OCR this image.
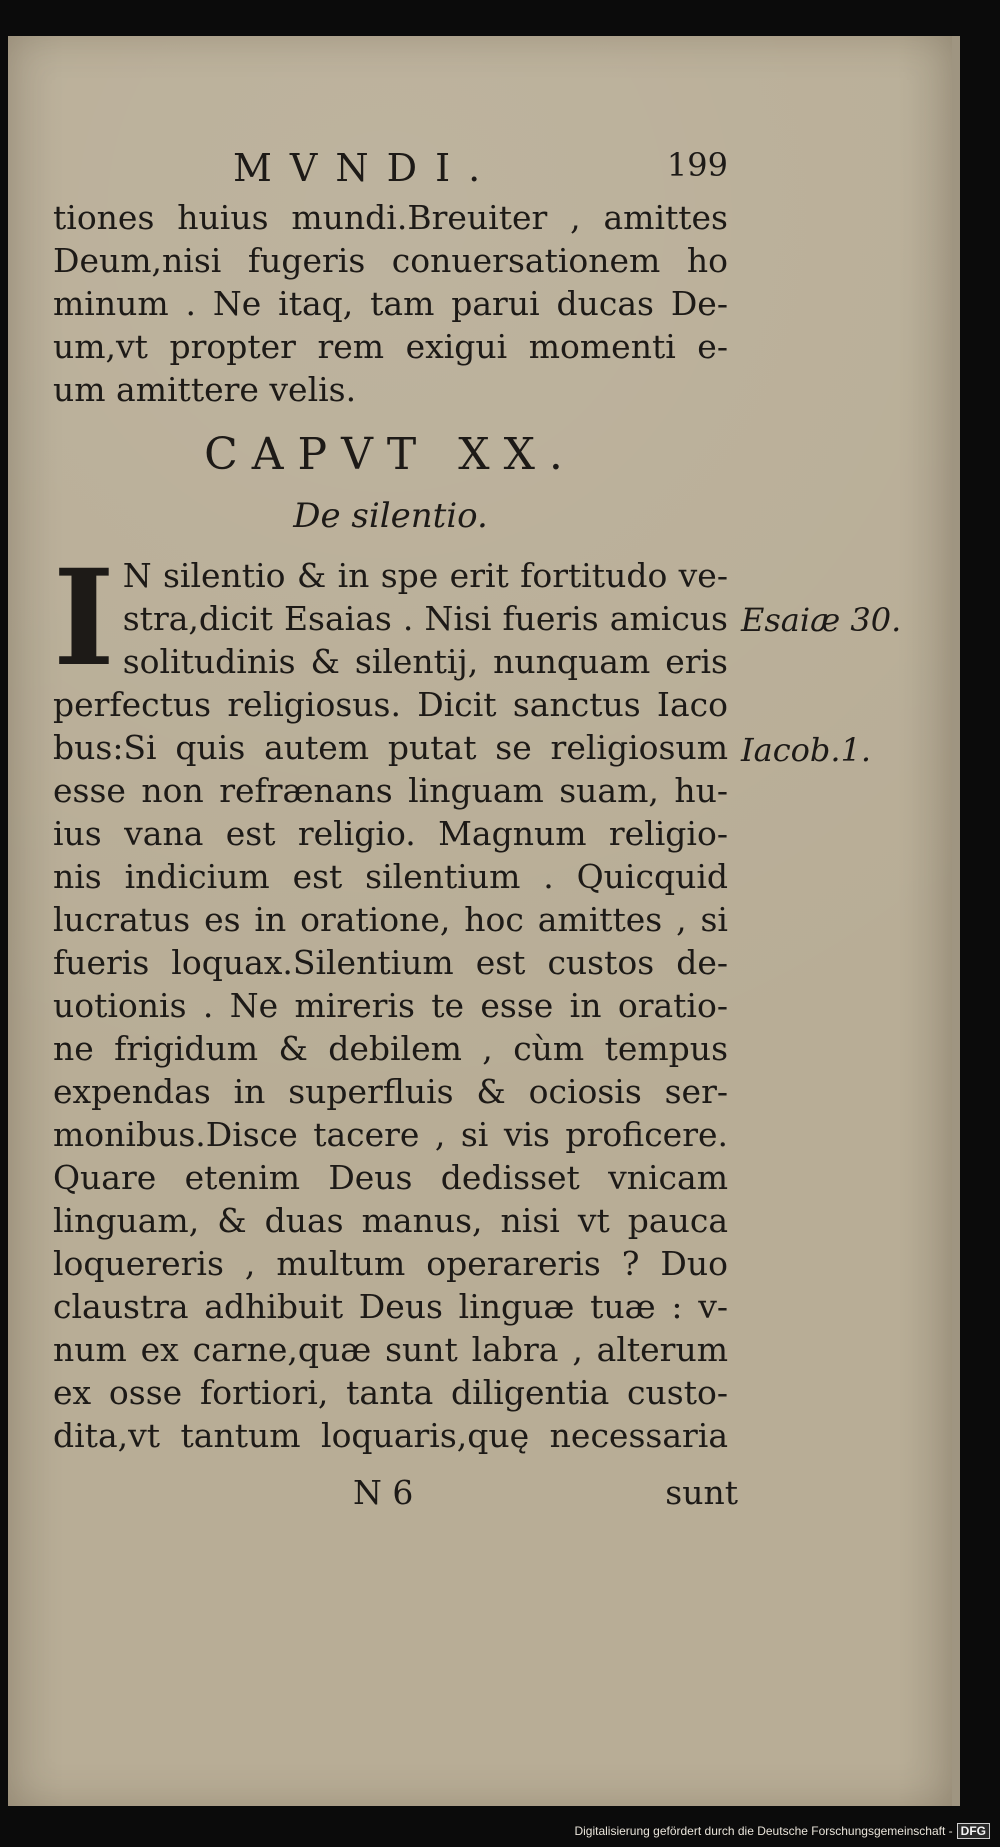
MVNDI.	199
tiones huius mundi.Breuiter , amittes
Deum,nisi fugeris conuersationem ho
minum . Ne itaq, tam parui ducas De-
um,vt propter rem exigui momenti e-
um amittere velis.
CAPVT XX.
De silentio.
I N silentio & in spe erit fortitudo ve-
stra,dicit Esaias . Nisi fueris amicus
solitudinis & silentij, nunquam eris
perfectus religiosus. Dicit sanctus Iaco
bus:Si quis autem putat se religiosum
esse non refrænans linguam suam, hu-
ius vana est religio. Magnum religio-
nis indicium est silentium . Quicquid
lucratus es in oratione, hoc amittes , si
fueris loquax.Silentium est custos de-
uotionis . Ne mireris te esse in oratio-
ne frigidum & debilem , cùm tempus
expendas in superfluis & ociosis ser-
monibus.Disce tacere , si vis proficere.
Quare etenim Deus dedisset vnicam
linguam, & duas manus, nisi vt pauca
loquereris , multum operareris ? Duo
claustra adhibuit Deus linguæ tuæ : v-
num ex carne,quæ sunt labra , alterum
ex osse fortiori, tanta diligentia custo-
dita,vt tantum loquaris,quę necessaria
N 6	sunt
Esaiæ 30.
Iacob.1.
Digitalisierung gefördert durch die Deutsche Forschungsgemeinschaft - DFG
